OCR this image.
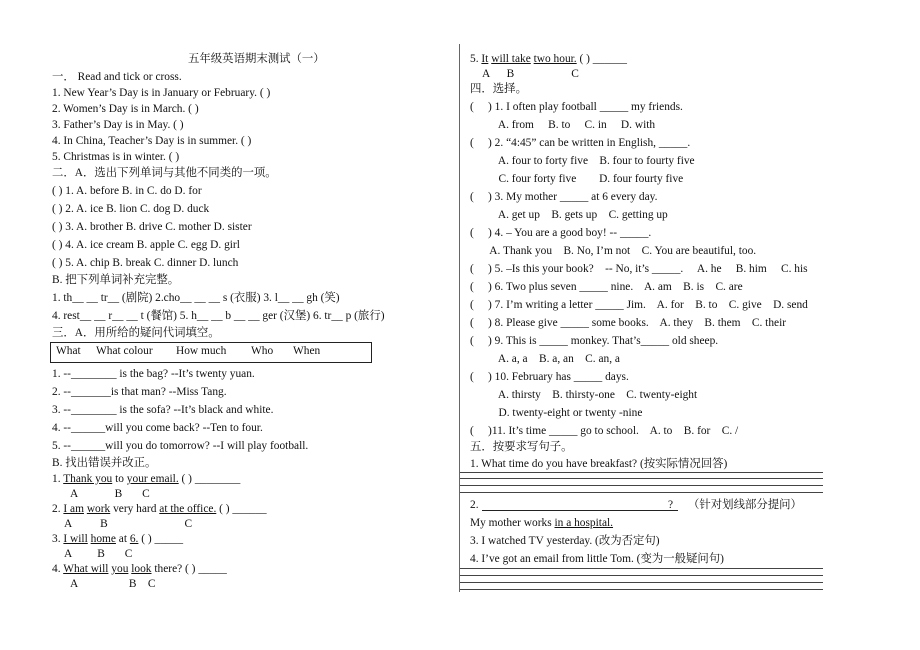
五年级英语期末测试（一）
一． Read and tick or cross.
1. New Year’s Day is in January or February. ( )
2. Women’s Day is in March. ( )
3. Father’s Day is in May. ( )
4. In China, Teacher’s Day is in summer. ( )
5. Christmas is in winter. ( )
二．A．选出下列单词与其他不同类的一项。
( ) 1. A. before B. in C. do D. for
( ) 2. A. ice B. lion C. dog D. duck
( ) 3. A. brother B. drive C. mother D. sister
( ) 4. A. ice cream B. apple C. egg D. girl
( ) 5. A. chip B. break C. dinner D. lunch
B. 把下列单词补充完整。
1. th__ __ tr__ (剧院) 2.cho__ __ __ s (衣服) 3. l__ __ gh (笑)
4. rest__ __ r__ __ t (餐馆) 5. h__ __ b __ __ ger (汉堡) 6. tr__ p (旅行)
三．A．用所给的疑问代词填空。
What What colour How much Who When
1. --________ is the bag? --It’s twenty yuan.
2. --_______is that man? --Miss Tang.
3. --________ is the sofa? --It’s black and white.
4. --______will you come back? --Ten to four.
5. --______will you do tomorrow? --I will play football.
B. 找出错误并改正。
1. Thank you to your email. ( ) ________
A             B       C
2. I am work very hard at the office. ( ) ______
A          B                           C
3. I will home at 6. ( ) _____
A         B       C
4. What will you look there? ( ) _____
A                  B    C
5. It will take two hour. ( ) ______
A      B                    C
四．选择。
(     ) 1. I often play football _____ my friends.
A. from     B. to     C. in     D. with
(     ) 2. “4:45” can be written in English, _____.
A. four to forty five    B. four to fourty five
C. four forty five        D. four fourty five
(     ) 3. My mother _____ at 6 every day.
A. get up    B. gets up    C. getting up
(     ) 4. – You are a good boy! -- _____.
A. Thank you    B. No, I’m not    C. You are beautiful, too.
(     ) 5. –Is this your book?    -- No, it’s _____.     A. he     B. him     C. his
(     ) 6. Two plus seven _____ nine.    A. am    B. is    C. are
(     ) 7. I’m writing a letter _____ Jim.    A. for    B. to    C. give    D. send
(     ) 8. Please give _____ some books.    A. they    B. them    C. their
(     ) 9. This is _____ monkey. That’s_____ old sheep.
A. a, a    B. a, an    C. an, a
(     ) 10. February has _____ days.
A. thirsty    B. thirsty-one    C. twenty-eight
D. twenty-eight or twenty -nine
(     )11. It’s time _____ go to school.    A. to    B. for    C. /
五．按要求写句子。
1. What time do you have breakfast? (按实际情况回答)
2.	? （针对划线部分提问）
My mother works in a hospital.
3. I watched TV yesterday. (改为否定句)
4. I’ve got an email from little Tom. (变为一般疑问句)
